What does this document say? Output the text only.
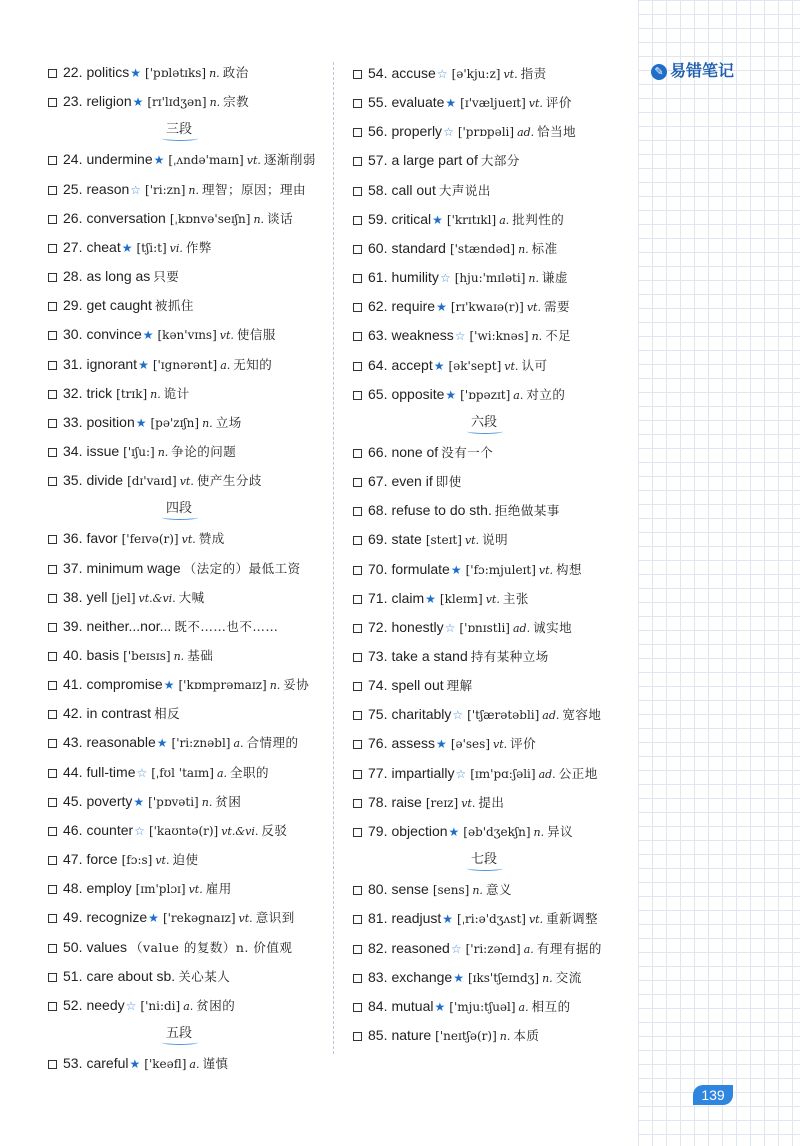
✎ 易错笔记
22. politics★ ['pɒlətɪks] n. 政治
23. religion★ [rɪ'lɪdʒən] n. 宗教
三段
24. undermine★ [ˌʌndə'maɪn] vt. 逐渐削弱
25. reason☆ ['ri:zn] n. 理智；原因；理由
26. conversation [ˌkɒnvə'seɪʃn] n. 谈话
27. cheat★ [tʃi:t] vi. 作弊
28. as long as 只要
29. get caught 被抓住
30. convince★ [kən'vɪns] vt. 使信服
31. ignorant★ ['ɪgnərənt] a. 无知的
32. trick [trɪk] n. 诡计
33. position★ [pə'zɪʃn] n. 立场
34. issue ['ɪʃu:] n. 争论的问题
35. divide [dɪ'vaɪd] vt. 使产生分歧
四段
36. favor ['feɪvə(r)] vt. 赞成
37. minimum wage （法定的）最低工资
38. yell [jel] vt.&vi. 大喊
39. neither...nor... 既不……也不……
40. basis ['beɪsɪs] n. 基础
41. compromise★ ['kɒmprəmaɪz] n. 妥协
42. in contrast 相反
43. reasonable★ ['ri:znəbl] a. 合情理的
44. full-time☆ [ˌfʊl 'taɪm] a. 全职的
45. poverty★ ['pɒvəti] n. 贫困
46. counter☆ ['kaʊntə(r)] vt.&vi. 反驳
47. force [fɔ:s] vt. 迫使
48. employ [ɪm'plɔɪ] vt. 雇用
49. recognize★ ['rekəgnaɪz] vt. 意识到
50. values （value 的复数）n. 价值观
51. care about sb. 关心某人
52. needy☆ ['ni:di] a. 贫困的
五段
53. careful★ ['keəfl] a. 谨慎
54. accuse☆ [ə'kju:z] vt. 指责
55. evaluate★ [ɪ'væljueɪt] vt. 评价
56. properly☆ ['prɒpəli] ad. 恰当地
57. a large part of 大部分
58. call out 大声说出
59. critical★ ['krɪtɪkl] a. 批判性的
60. standard ['stændəd] n. 标准
61. humility☆ [hju:'mɪləti] n. 谦虚
62. require★ [rɪ'kwaɪə(r)] vt. 需要
63. weakness☆ ['wi:knəs] n. 不足
64. accept★ [ək'sept] vt. 认可
65. opposite★ ['ɒpəzɪt] a. 对立的
六段
66. none of 没有一个
67. even if 即使
68. refuse to do sth. 拒绝做某事
69. state [steɪt] vt. 说明
70. formulate★ ['fɔ:mjuleɪt] vt. 构想
71. claim★ [kleɪm] vt. 主张
72. honestly☆ ['ɒnɪstli] ad. 诚实地
73. take a stand 持有某种立场
74. spell out 理解
75. charitably☆ ['tʃærətəbli] ad. 宽容地
76. assess★ [ə'ses] vt. 评价
77. impartially☆ [ɪm'pɑ:ʃəli] ad. 公正地
78. raise [reɪz] vt. 提出
79. objection★ [əb'dʒekʃn] n. 异议
七段
80. sense [sens] n. 意义
81. readjust★ [ˌri:ə'dʒʌst] vt. 重新调整
82. reasoned☆ ['ri:zənd] a. 有理有据的
83. exchange★ [ɪks'tʃeɪndʒ] n. 交流
84. mutual★ ['mju:tʃuəl] a. 相互的
85. nature ['neɪtʃə(r)] n. 本质
139
